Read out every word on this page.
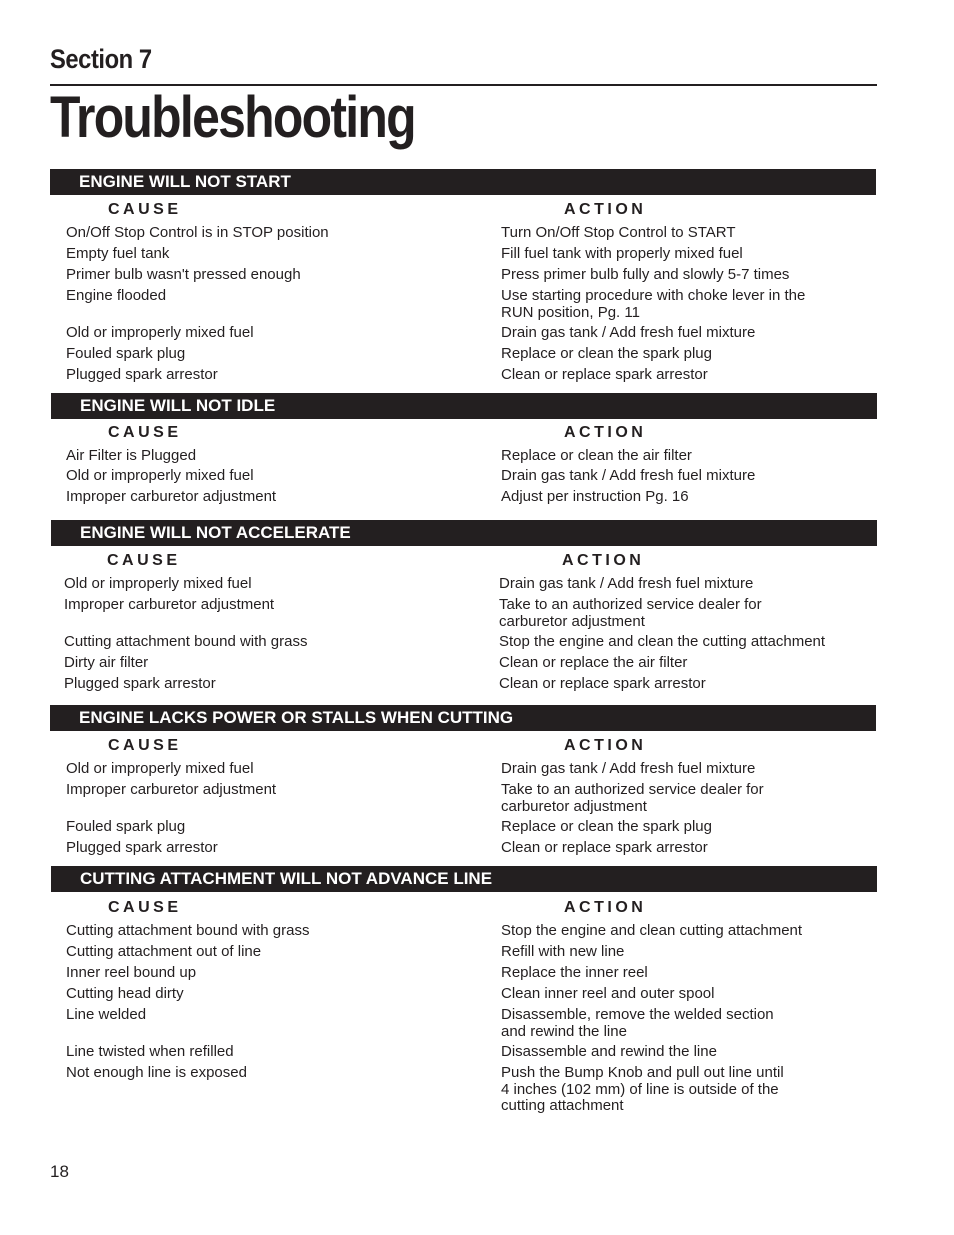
Section 7
Troubleshooting
ENGINE WILL NOT START
CAUSE	ACTION
On/Off Stop Control is in STOP position	Turn On/Off Stop Control to START
Empty fuel tank	Fill fuel tank with properly mixed fuel
Primer bulb wasn't pressed enough	Press primer bulb fully and slowly 5-7 times
Engine flooded	Use starting procedure with choke lever in the
RUN position, Pg. 11
Old or improperly mixed fuel	Drain gas tank / Add fresh fuel mixture
Fouled spark plug	Replace or clean the spark plug
Plugged spark arrestor	Clean or replace spark arrestor
ENGINE WILL NOT IDLE
CAUSE	ACTION
Air Filter is Plugged	Replace or clean the air filter
Old or improperly mixed fuel	Drain gas tank / Add fresh fuel mixture
Improper carburetor adjustment	Adjust per instruction Pg. 16
ENGINE WILL NOT ACCELERATE
CAUSE	ACTION
Old or improperly mixed fuel	Drain gas tank / Add fresh fuel mixture
Improper carburetor adjustment	Take to an authorized service dealer for
carburetor adjustment
Cutting attachment bound with grass	Stop the engine and clean the cutting attachment
Dirty air filter	Clean or replace the air filter
Plugged spark arrestor	Clean or replace spark arrestor
ENGINE LACKS POWER OR STALLS WHEN CUTTING
CAUSE	ACTION
Old or improperly mixed fuel	Drain gas tank / Add fresh fuel mixture
Improper carburetor adjustment	Take to an authorized service dealer for
carburetor adjustment
Fouled spark plug	Replace or clean the spark plug
Plugged spark arrestor	Clean or replace spark arrestor
CUTTING ATTACHMENT WILL NOT ADVANCE LINE
CAUSE	ACTION
Cutting attachment bound with grass	Stop the engine and clean cutting attachment
Cutting attachment out of line	Refill with new line
Inner reel bound up	Replace the inner reel
Cutting head dirty	Clean inner reel and outer spool
Line welded	Disassemble, remove the welded section
and rewind the line
Line twisted when refilled	Disassemble and rewind the line
Not enough line is exposed	Push the Bump Knob and pull out line until
4 inches (102 mm) of line is outside of the
cutting attachment
18
